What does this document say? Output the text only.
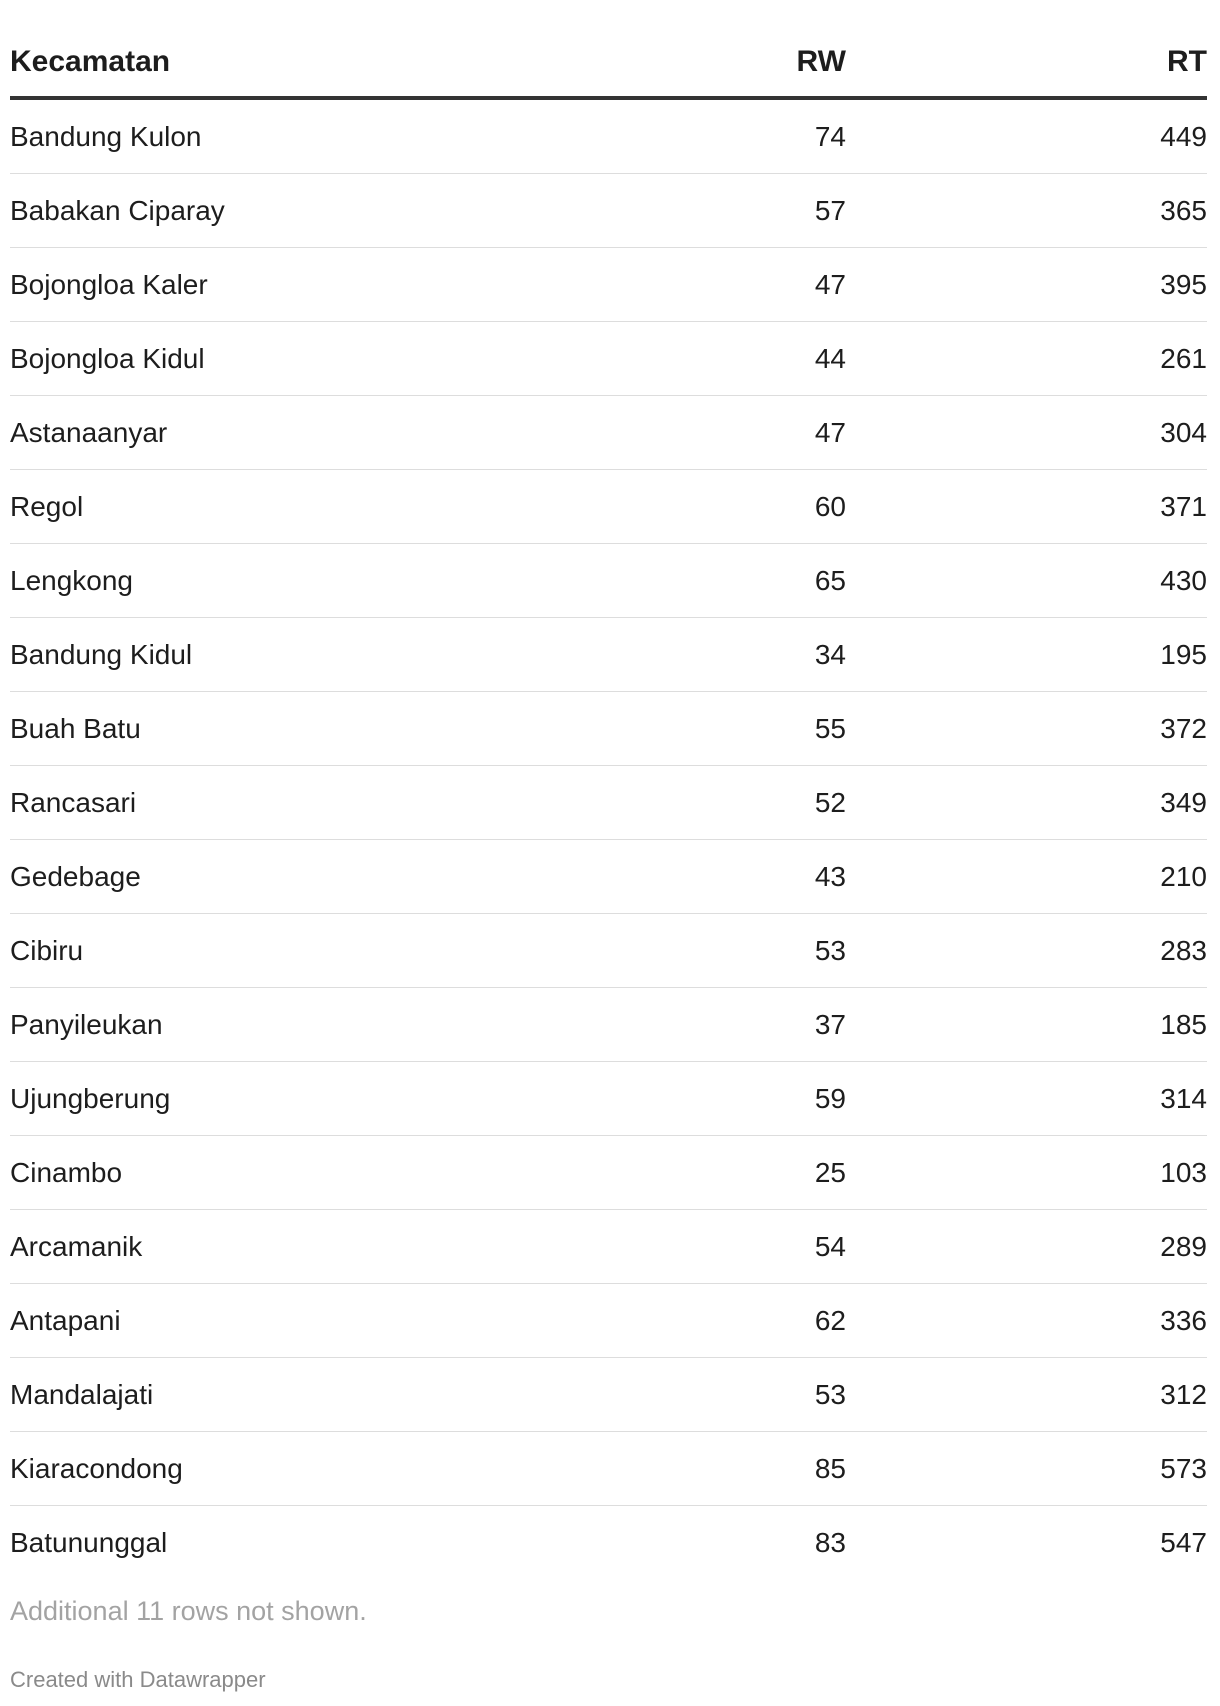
Kecamatan	RW	RT
Bandung Kulon	74	449
Babakan Ciparay	57	365
Bojongloa Kaler	47	395
Bojongloa Kidul	44	261
Astanaanyar	47	304
Regol	60	371
Lengkong	65	430
Bandung Kidul	34	195
Buah Batu	55	372
Rancasari	52	349
Gedebage	43	210
Cibiru	53	283
Panyileukan	37	185
Ujungberung	59	314
Cinambo	25	103
Arcamanik	54	289
Antapani	62	336
Mandalajati	53	312
Kiaracondong	85	573
Batununggal	83	547
Additional 11 rows not shown.
Created with Datawrapper
